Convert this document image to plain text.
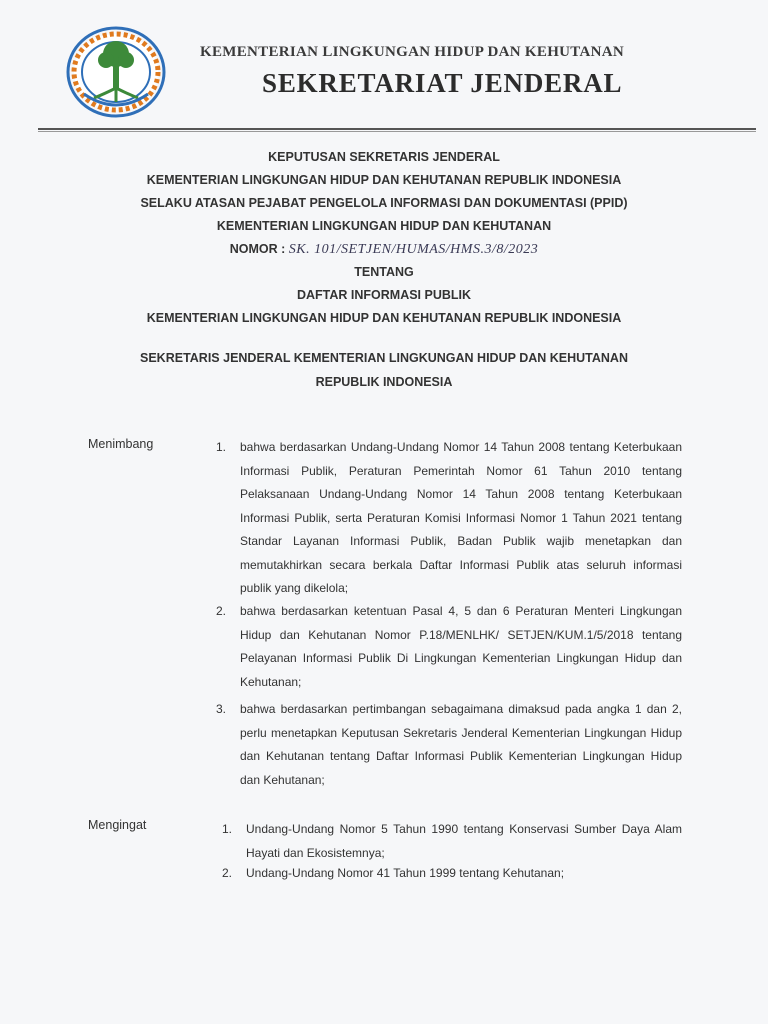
KEMENTERIAN LINGKUNGAN HIDUP DAN KEHUTANAN
SEKRETARIAT JENDERAL
KEPUTUSAN SEKRETARIS JENDERAL
KEMENTERIAN LINGKUNGAN HIDUP DAN KEHUTANAN REPUBLIK INDONESIA
SELAKU ATASAN PEJABAT PENGELOLA INFORMASI DAN DOKUMENTASI (PPID)
KEMENTERIAN LINGKUNGAN HIDUP DAN KEHUTANAN
NOMOR : SK. 101/SETJEN/HUMAS/HMS.3/8/2023
TENTANG
DAFTAR INFORMASI PUBLIK
KEMENTERIAN LINGKUNGAN HIDUP DAN KEHUTANAN REPUBLIK INDONESIA
SEKRETARIS JENDERAL KEMENTERIAN LINGKUNGAN HIDUP DAN KEHUTANAN
REPUBLIK INDONESIA
Menimbang	1. bahwa berdasarkan Undang-Undang Nomor 14 Tahun 2008 tentang Keterbukaan Informasi Publik, Peraturan Pemerintah Nomor 61 Tahun 2010 tentang Pelaksanaan Undang-Undang Nomor 14 Tahun 2008 tentang Keterbukaan Informasi Publik, serta Peraturan Komisi Informasi Nomor 1 Tahun 2021 tentang Standar Layanan Informasi Publik, Badan Publik wajib menetapkan dan memutakhirkan secara berkala Daftar Informasi Publik atas seluruh informasi publik yang dikelola;
2. bahwa berdasarkan ketentuan Pasal 4, 5 dan 6 Peraturan Menteri Lingkungan Hidup dan Kehutanan Nomor P.18/MENLHK/ SETJEN/KUM.1/5/2018 tentang Pelayanan Informasi Publik Di Lingkungan Kementerian Lingkungan Hidup dan Kehutanan;
3. bahwa berdasarkan pertimbangan sebagaimana dimaksud pada angka 1 dan 2, perlu menetapkan Keputusan Sekretaris Jenderal Kementerian Lingkungan Hidup dan Kehutanan tentang Daftar Informasi Publik Kementerian Lingkungan Hidup dan Kehutanan;
Mengingat	1. Undang-Undang Nomor 5 Tahun 1990 tentang Konservasi Sumber Daya Alam Hayati dan Ekosistemnya;
2. Undang-Undang Nomor 41 Tahun 1999 tentang Kehutanan;
